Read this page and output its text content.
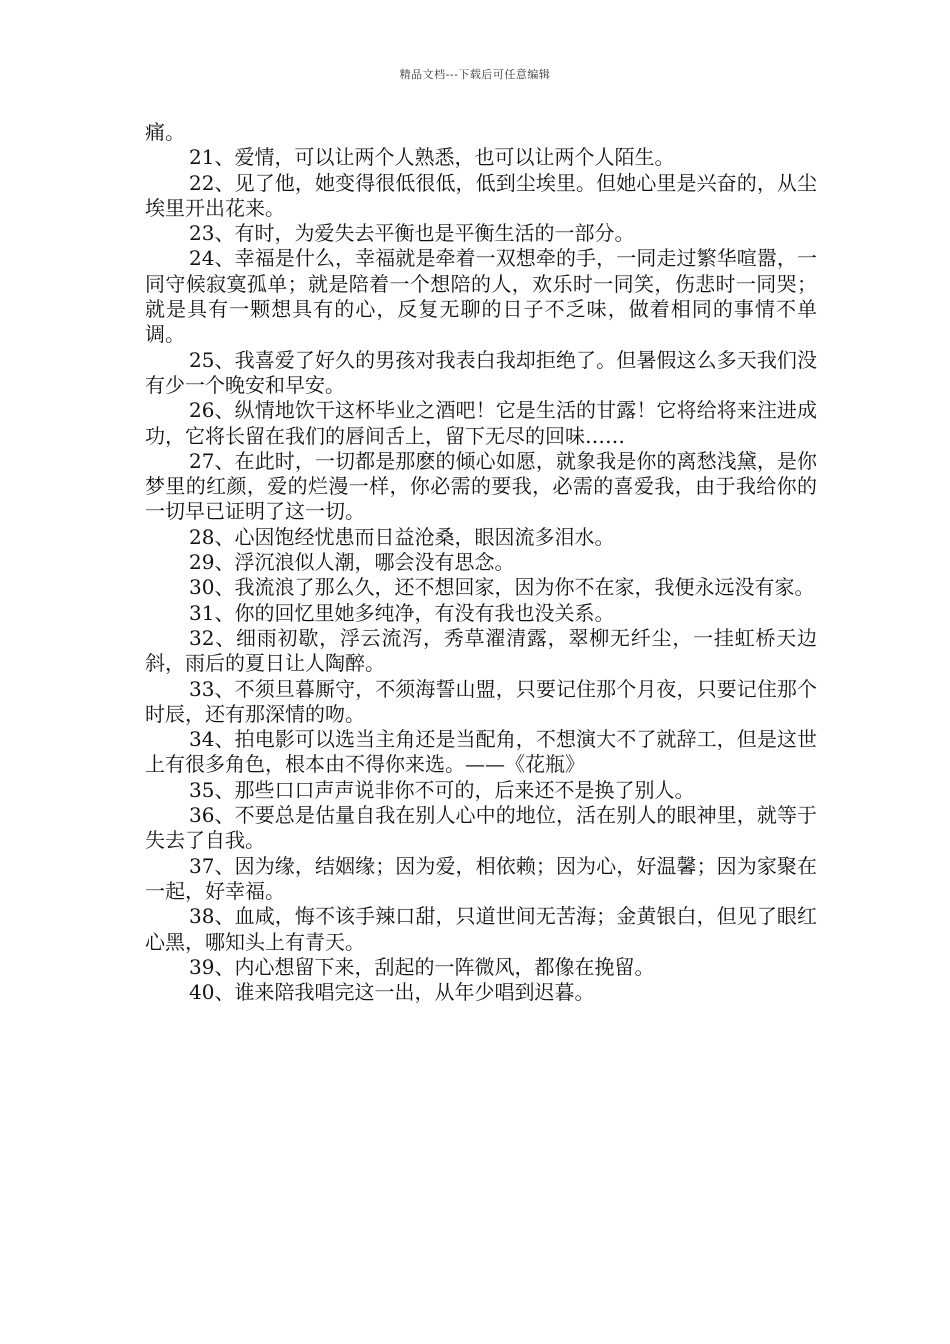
精品文档---下载后可任意编辑

痛。

21、爱情，可以让两个人熟悉，也可以让两个人陌生。

22、见了他，她变得很低很低，低到尘埃里。但她心里是兴奋的，从尘埃里开出花来。

23、有时，为爱失去平衡也是平衡生活的一部分。

24、幸福是什么，幸福就是牵着一双想牵的手，一同走过繁华喧嚣，一同守候寂寞孤单；就是陪着一个想陪的人，欢乐时一同笑，伤悲时一同哭；就是具有一颗想具有的心，反复无聊的日子不乏味，做着相同的事情不单调。

25、我喜爱了好久的男孩对我表白我却拒绝了。但暑假这么多天我们没有少一个晚安和早安。

26、纵情地饮干这杯毕业之酒吧！它是生活的甘露！它将给将来注进成功，它将长留在我们的唇间舌上，留下无尽的回味……

27、在此时，一切都是那麽的倾心如愿，就象我是你的离愁浅黛，是你梦里的红颜，爱的烂漫一样，你必需的要我，必需的喜爱我，由于我给你的一切早已证明了这一切。

28、心因饱经忧患而日益沧桑，眼因流多泪水。

29、浮沉浪似人潮，哪会没有思念。

30、我流浪了那么久，还不想回家，因为你不在家，我便永远没有家。

31、你的回忆里她多纯净，有没有我也没关系。

32、细雨初歇，浮云流泻，秀草濯清露，翠柳无纤尘，一挂虹桥天边斜，雨后的夏日让人陶醉。

33、不须旦暮厮守，不须海誓山盟，只要记住那个月夜，只要记住那个时辰，还有那深情的吻。

34、拍电影可以选当主角还是当配角，不想演大不了就辞工，但是这世上有很多角色，根本由不得你来选。——《花瓶》

35、那些口口声声说非你不可的，后来还不是换了别人。

36、不要总是估量自我在别人心中的地位，活在别人的眼神里，就等于失去了自我。

37、因为缘，结姻缘；因为爱，相依赖；因为心，好温馨；因为家聚在一起，好幸福。

38、血咸，悔不该手辣口甜，只道世间无苦海；金黄银白，但见了眼红心黑，哪知头上有青天。

39、内心想留下来，刮起的一阵微风，都像在挽留。

40、谁来陪我唱完这一出，从年少唱到迟暮。
